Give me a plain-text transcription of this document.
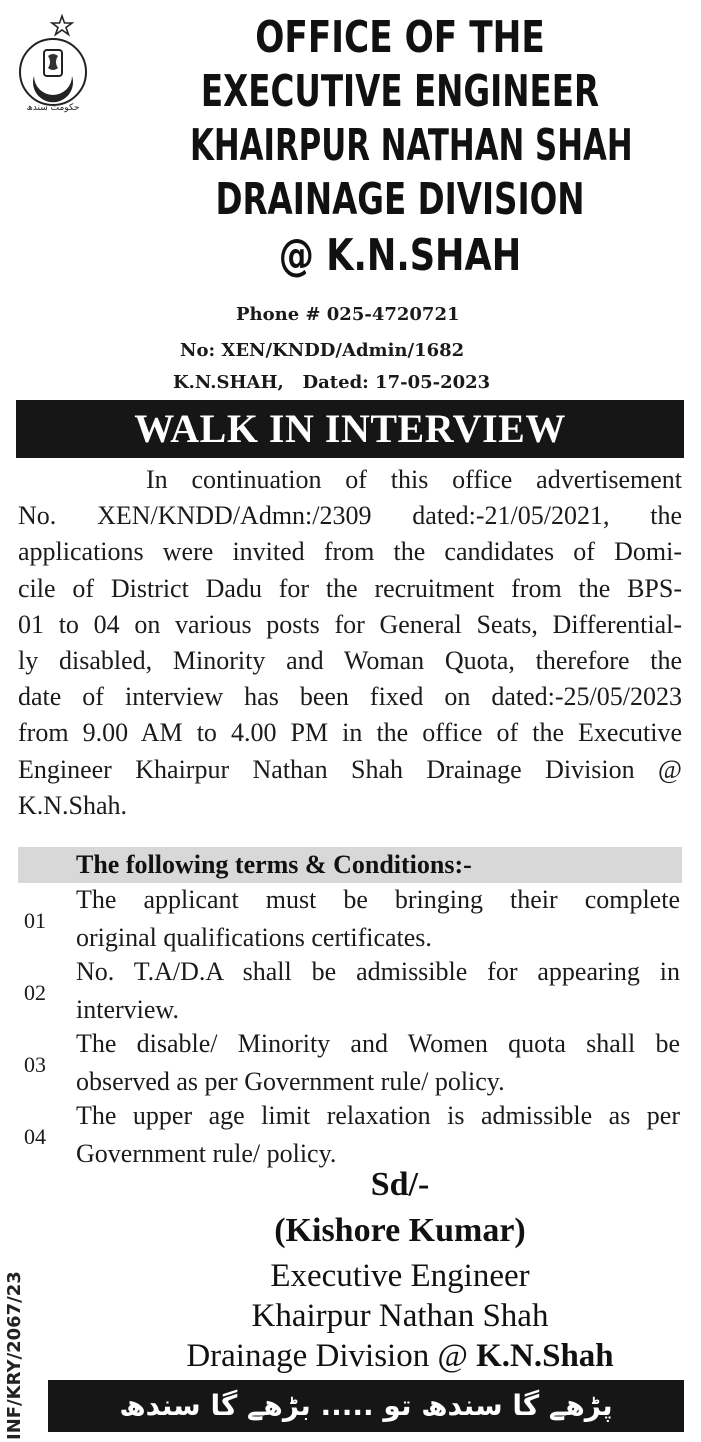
حکومت سندھ
OFFICE OF THE
EXECUTIVE ENGINEER
KHAIRPUR NATHAN SHAH
DRAINAGE DIVISION
@ K.N.SHAH
Phone # 025-4720721
No: XEN/KNDD/Admin/1682
K.N.SHAH,   Dated: 17-05-2023
WALK IN INTERVIEW
In continuation of this office advertisement
No. XEN/KNDD/Admn:/2309 dated:-21/05/2021, the
applications were invited from the candidates of Domi-
cile of District Dadu for the recruitment from the BPS-
01 to 04 on various posts for General Seats, Differential-
ly disabled, Minority and Woman Quota, therefore the
date of interview has been fixed on dated:-25/05/2023
from 9.00 AM to 4.00 PM in the office of the Executive
Engineer Khairpur Nathan Shah Drainage Division @
K.N.Shah.
The following terms & Conditions:-
01
The applicant must be bringing their complete
original qualifications certificates.
02
No. T.A/D.A shall be admissible for appearing in
interview.
03
The disable/ Minority and Women quota shall be
observed as per Government rule/ policy.
04
The upper age limit relaxation is admissible as per
Government rule/ policy.
Sd/-
(Kishore Kumar)
Executive Engineer
Khairpur Nathan Shah
Drainage Division @ K.N.Shah
INF/KRY/2067/23	پڑھے گا سندھ تو ..... بڑھے گا سندھ
